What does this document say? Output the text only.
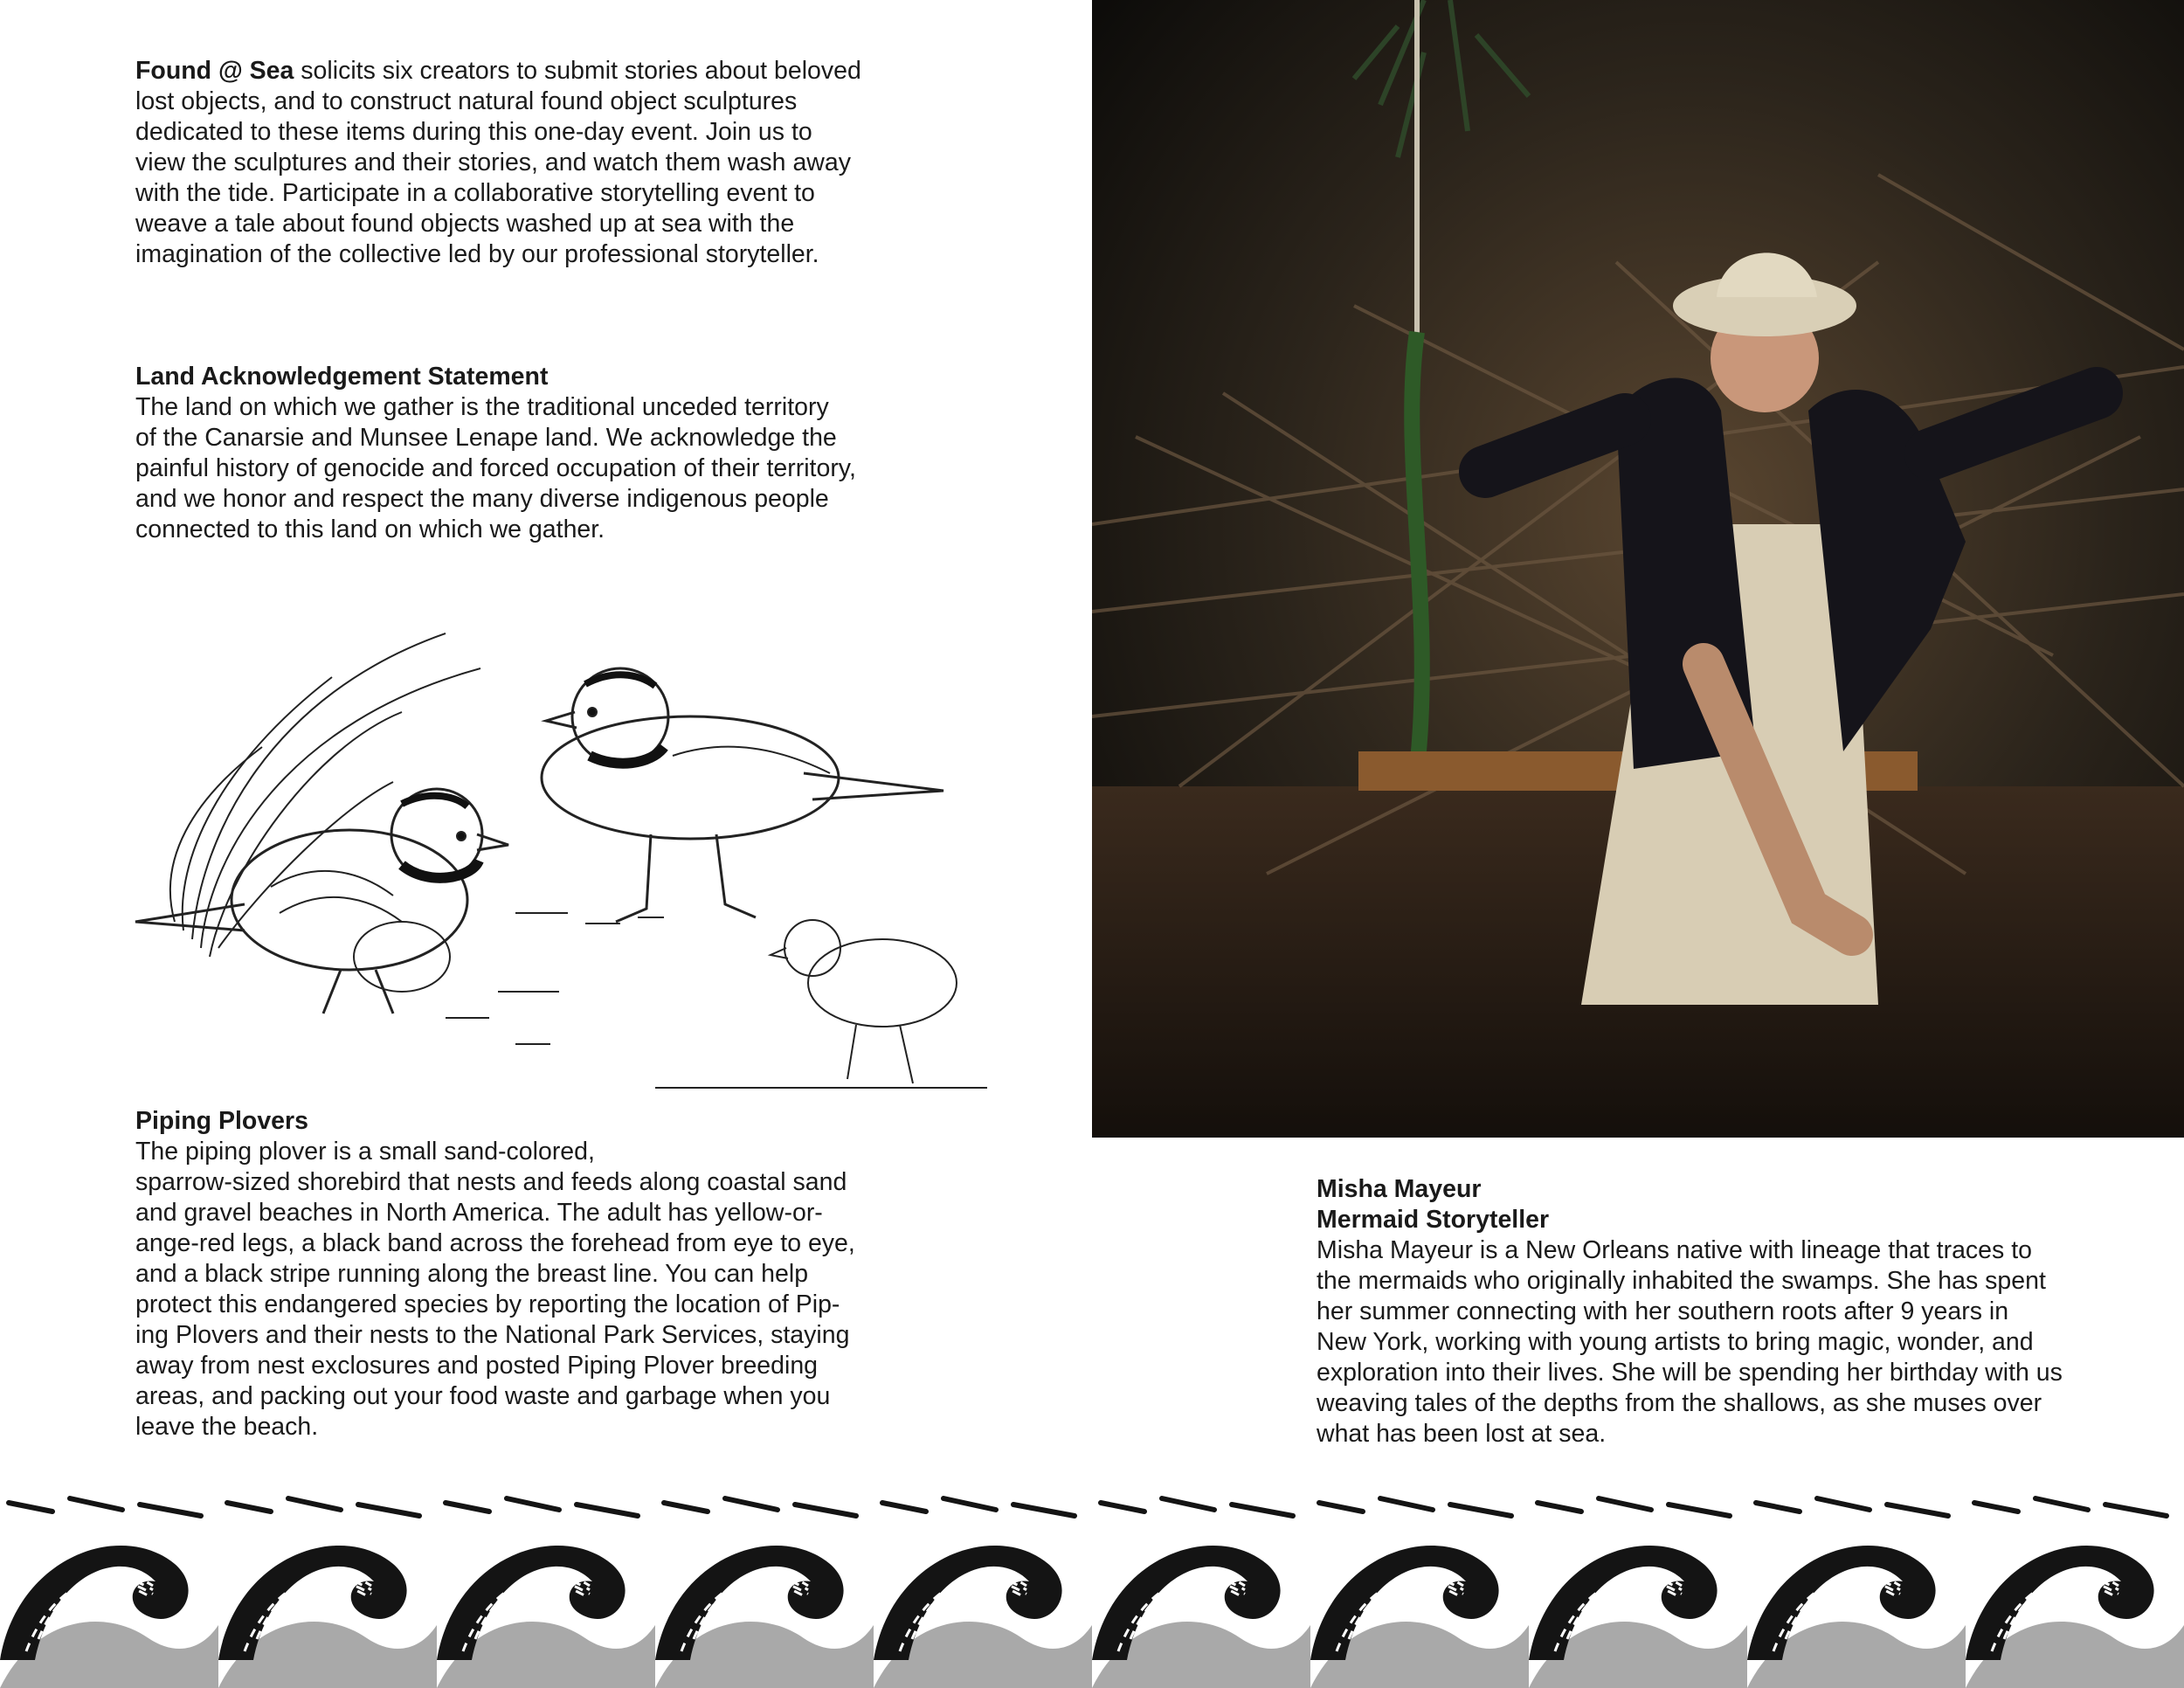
Found @ Sea solicits six creators to submit stories about beloved
lost objects, and to construct natural found object sculptures
dedicated to these items during this one-day event. Join us to
view the sculptures and their stories, and watch them wash away
with the tide. Participate in a collaborative storytelling event to
weave a tale about found objects washed up at sea with the
imagination of the collective led by our professional storyteller.
Land Acknowledgement Statement
The land on which we gather is the traditional unceded territory
of the Canarsie and Munsee Lenape land. We acknowledge the
painful history of genocide and forced occupation of their territory,
and we honor and respect the many diverse indigenous people
connected to this land on which we gather.
Piping Plovers
The piping plover is a small sand-colored,
sparrow-sized shorebird that nests and feeds along coastal sand
and gravel beaches in North America. The adult has yellow-or-
ange-red legs, a black band across the forehead from eye to eye,
and a black stripe running along the breast line. You can help
protect this endangered species by reporting the location of Pip-
ing Plovers and their nests to the National Park Services, staying
away from nest exclosures and posted Piping Plover breeding
areas, and packing out your food waste and garbage when you
leave the beach.
Misha Mayeur
Mermaid Storyteller
Misha Mayeur is a New Orleans native with lineage that traces to
the mermaids who originally inhabited the swamps. She has spent
her summer connecting with her southern roots after 9 years in
New York, working with young artists to bring magic, wonder, and
exploration into their lives. She will be spending her birthday with us
weaving tales of the depths from the shallows, as she muses over
what has been lost at sea.
